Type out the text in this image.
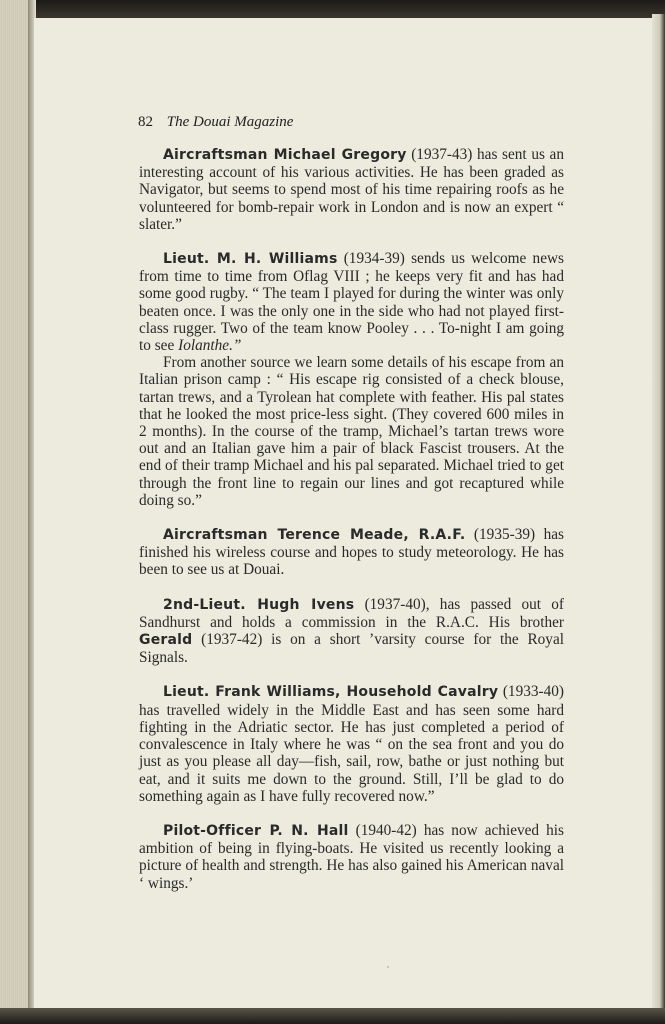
82 The Douai Magazine

Aircraftsman Michael Gregory (1937-43) has sent us an interesting account of his various activities. He has been graded as Navigator, but seems to spend most of his time repairing roofs as he volunteered for bomb-repair work in London and is now an expert “ slater.”

Lieut. M. H. Williams (1934-39) sends us welcome news from time to time from Oflag VIII ; he keeps very fit and has had some good rugby. “ The team I played for during the winter was only beaten once. I was the only one in the side who had not played first-class rugger. Two of the team know Pooley . . . To-night I am going to see Iolanthe.”

From another source we learn some details of his escape from an Italian prison camp : “ His escape rig consisted of a check blouse, tartan trews, and a Tyrolean hat complete with feather. His pal states that he looked the most price-less sight. (They covered 600 miles in 2 months). In the course of the tramp, Michael’s tartan trews wore out and an Italian gave him a pair of black Fascist trousers. At the end of their tramp Michael and his pal separated. Michael tried to get through the front line to regain our lines and got recaptured while doing so.”

Aircraftsman Terence Meade, R.A.F. (1935-39) has finished his wireless course and hopes to study meteorology. He has been to see us at Douai.

2nd-Lieut. Hugh Ivens (1937-40), has passed out of Sandhurst and holds a commission in the R.A.C. His brother Gerald (1937-42) is on a short ’varsity course for the Royal Signals.

Lieut. Frank Williams, Household Cavalry (1933-40) has travelled widely in the Middle East and has seen some hard fighting in the Adriatic sector. He has just completed a period of convalescence in Italy where he was “ on the sea front and you do just as you please all day—fish, sail, row, bathe or just nothing but eat, and it suits me down to the ground. Still, I’ll be glad to do something again as I have fully recovered now.”

Pilot-Officer P. N. Hall (1940-42) has now achieved his ambition of being in flying-boats. He visited us recently looking a picture of health and strength. He has also gained his American naval ‘ wings.’
